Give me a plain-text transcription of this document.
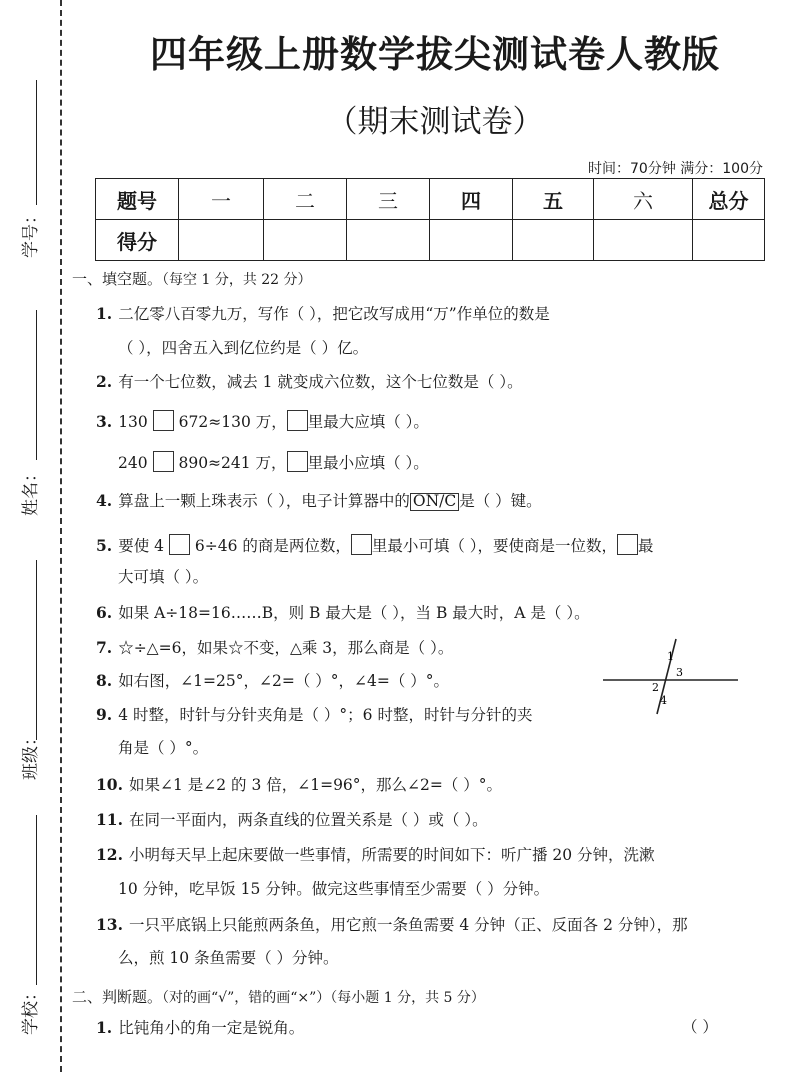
学号：
姓名：
班级：
学校：
四年级上册数学拔尖测试卷人教版
（期末测试卷）
时间：70分钟 满分：100分
题号	一	二	三	四	五	六	总分
得分							
一、填空题。（每空 1 分，共 22 分）
1. 二亿零八百零九万，写作（ ），把它改写成用“万”作单位的数是
（ ），四舍五入到亿位约是（ ）亿。
2. 有一个七位数，减去 1 就变成六位数，这个七位数是（ ）。
3. 130 672≈130 万， 里最大应填（ ）。
240 890≈241 万， 里最小应填（ ）。
4. 算盘上一颗上珠表示（ ），电子计算器中的 ON/C 是（ ）键。
5. 要使 4 6÷46 的商是两位数， 里最小可填（ ），要使商是一位数， 最
大可填（ ）。
6. 如果 A÷18=16……B，则 B 最大是（ ），当 B 最大时，A 是（ ）。
7. ☆÷△=6，如果☆不变，△乘 3，那么商是（ ）。
8. 如右图，∠1=25°，∠2=（ ）°，∠4=（ ）°。
1
3
2
4
9. 4 时整，时针与分针夹角是（ ）°；6 时整，时针与分针的夹
角是（ ）°。
10. 如果∠1 是∠2 的 3 倍，∠1=96°，那么∠2=（ ）°。
11. 在同一平面内，两条直线的位置关系是（ ）或（ ）。
12. 小明每天早上起床要做一些事情，所需要的时间如下：听广播 20 分钟，洗漱
10 分钟，吃早饭 15 分钟。做完这些事情至少需要（ ）分钟。
13. 一只平底锅上只能煎两条鱼，用它煎一条鱼需要 4 分钟（正、反面各 2 分钟），那
么，煎 10 条鱼需要（ ）分钟。
二、判断题。（对的画“√”，错的画“×”）（每小题 1 分，共 5 分）
1. 比钝角小的角一定是锐角。	（ ）
